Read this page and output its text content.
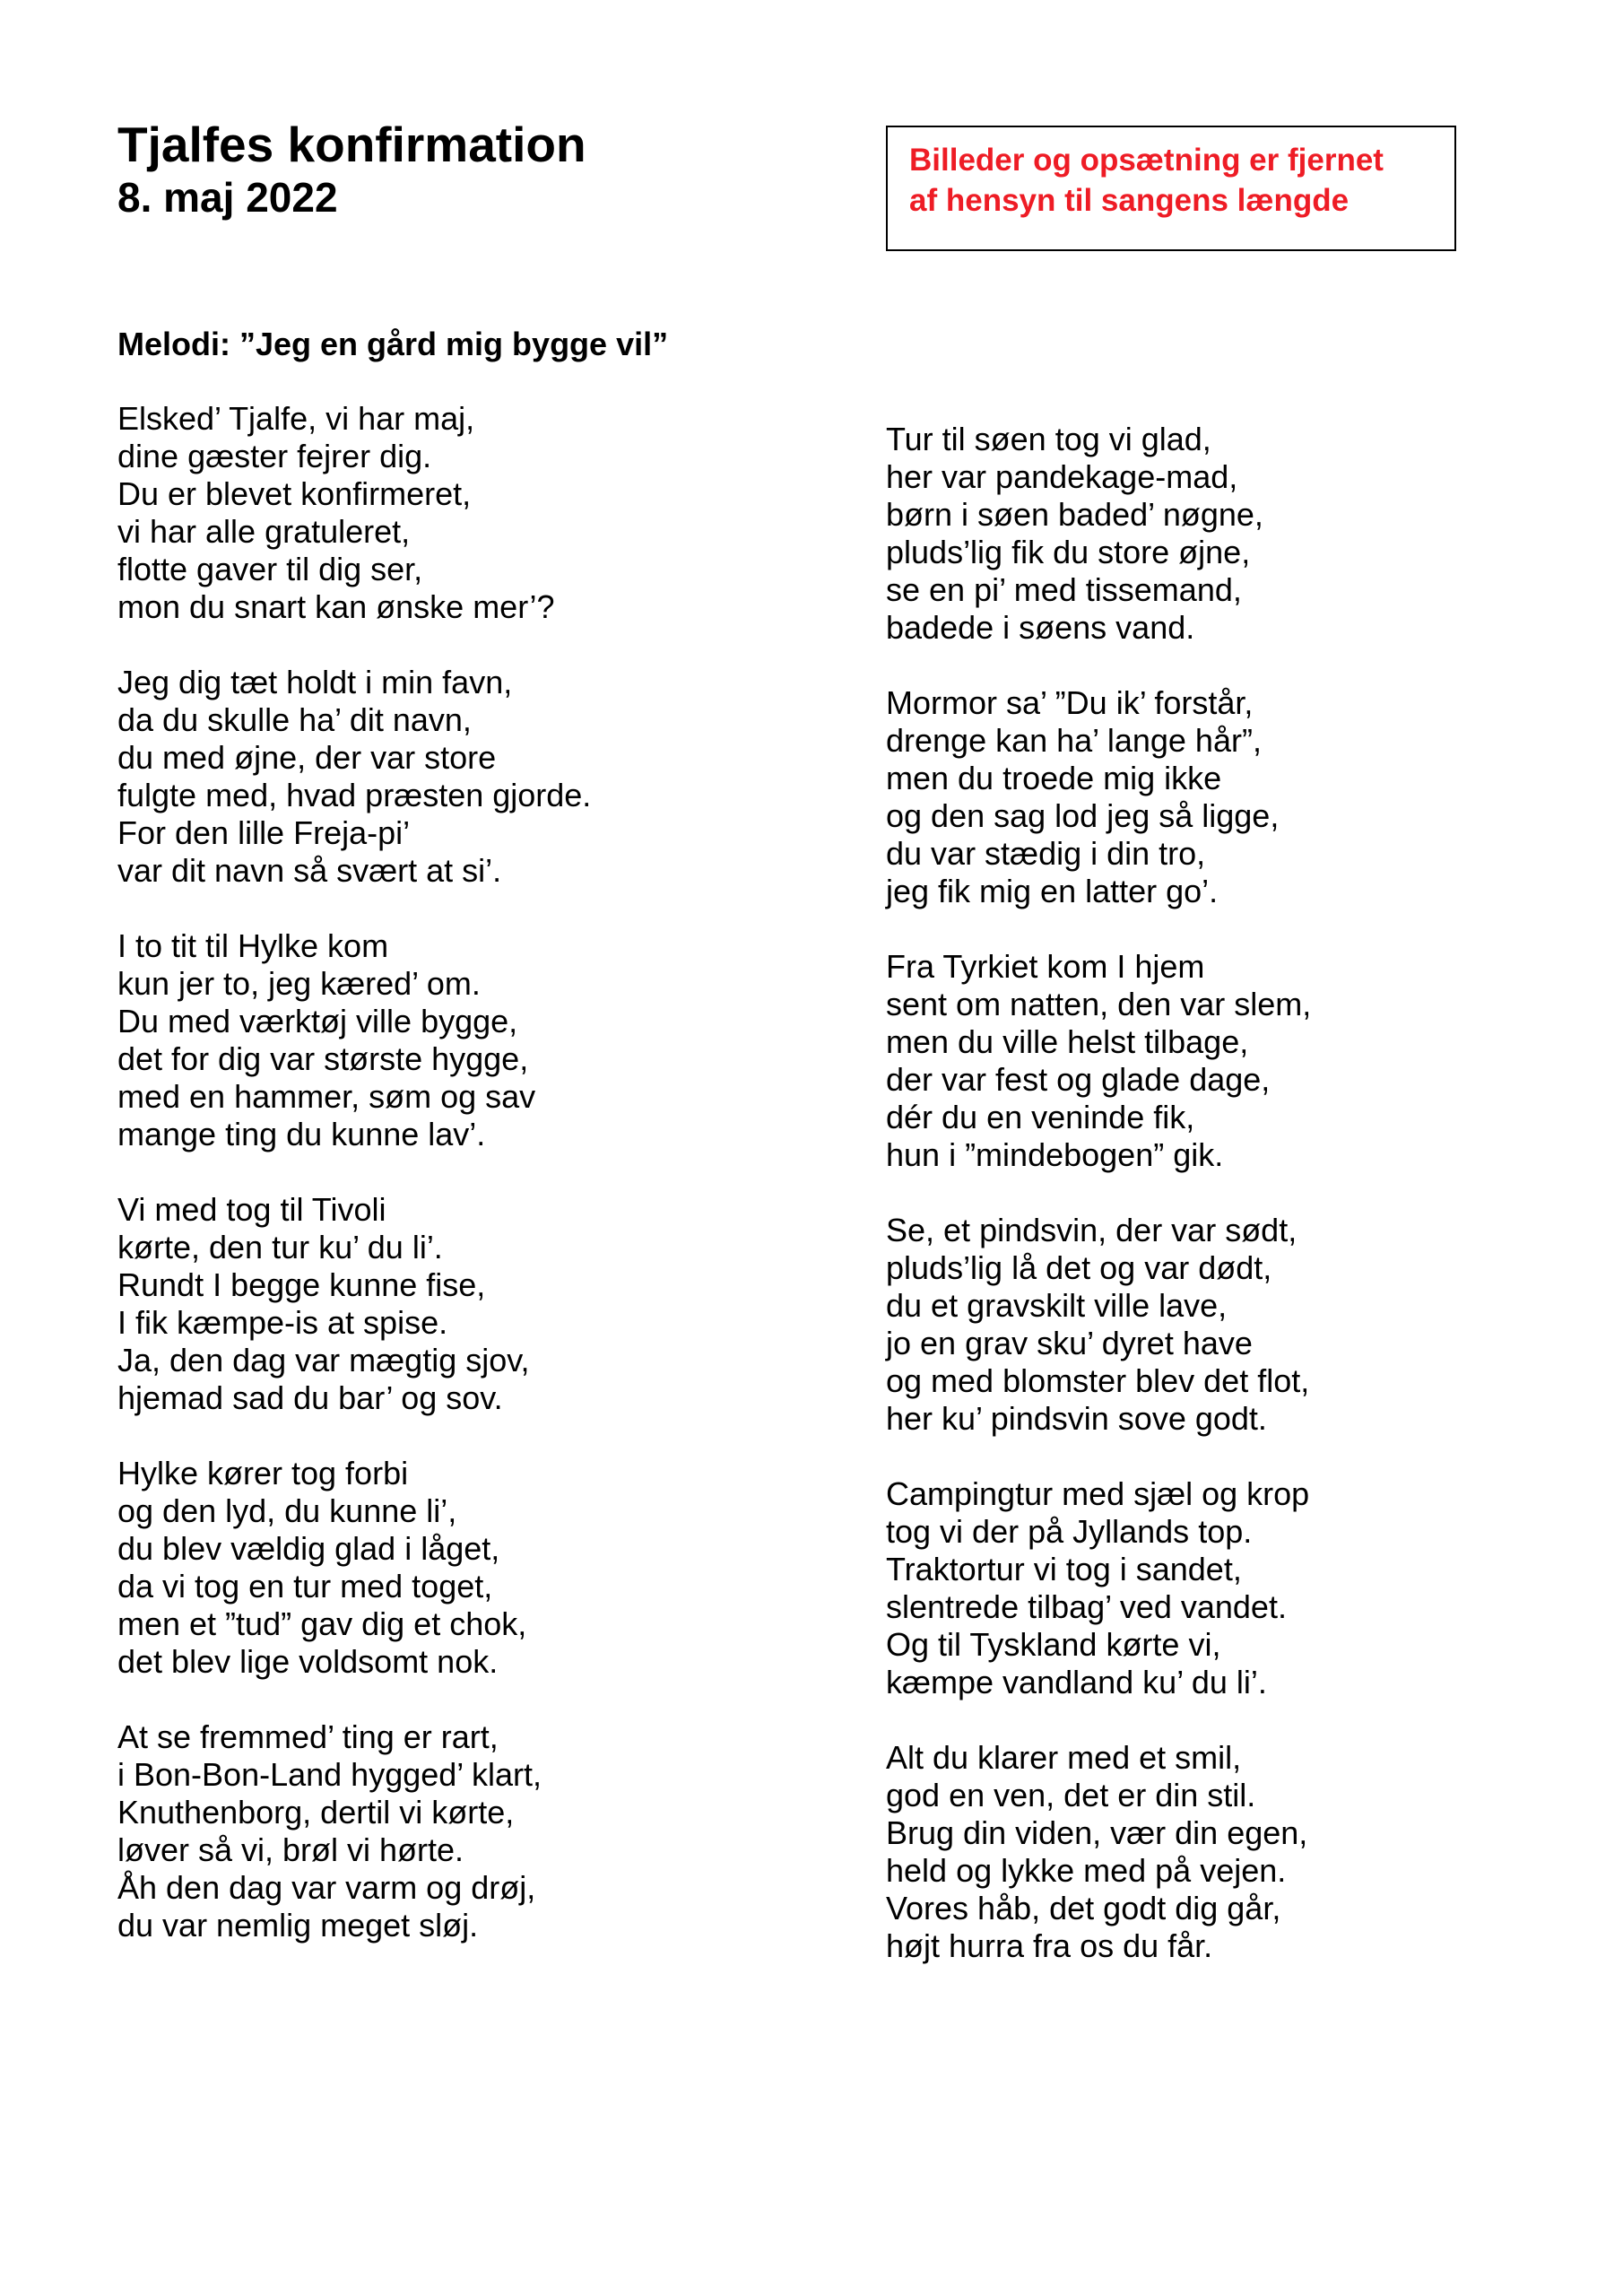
Tjalfes konfirmation
8. maj 2022
Billeder og opsætning er fjernet
af hensyn til sangens længde

Melodi: ”Jeg en gård mig bygge vil”

Elsked’ Tjalfe, vi har maj,
dine gæster fejrer dig.
Du er blevet konfirmeret,
vi har alle gratuleret,
flotte gaver til dig ser,
mon du snart kan ønske mer’?
Jeg dig tæt holdt i min favn,
da du skulle ha’ dit navn,
du med øjne, der var store
fulgte med, hvad præsten gjorde.
For den lille Freja-pi’
var dit navn så svært at si’.
I to tit til Hylke kom
kun jer to, jeg kæred’ om.
Du med værktøj ville bygge,
det for dig var største hygge,
med en hammer, søm og sav
mange ting du kunne lav’.
Vi med tog til Tivoli
kørte, den tur ku’ du li’.
Rundt I begge kunne fise,
I fik kæmpe-is at spise.
Ja, den dag var mægtig sjov,
hjemad sad du bar’ og sov.
Hylke kører tog forbi
og den lyd, du kunne li’,
du blev vældig glad i låget,
da vi tog en tur med toget,
men et ”tud” gav dig et chok,
det blev lige voldsomt nok.
At se fremmed’ ting er rart,
i Bon-Bon-Land hygged’ klart,
Knuthenborg, dertil vi kørte,
løver så vi, brøl vi hørte.
Åh den dag var varm og drøj,
du var nemlig meget sløj.
Tur til søen tog vi glad,
her var pandekage-mad,
børn i søen baded’ nøgne,
pluds’lig fik du store øjne,
se en pi’ med tissemand,
badede i søens vand.
Mormor sa’ ”Du ik’ forstår,
drenge kan ha’ lange hår”,
men du troede mig ikke
og den sag lod jeg så ligge,
du var stædig i din tro,
jeg fik mig en latter go’.
Fra Tyrkiet kom I hjem
sent om natten, den var slem,
men du ville helst tilbage,
der var fest og glade dage,
dér du en veninde fik,
hun i ”mindebogen” gik.
Se, et pindsvin, der var sødt,
pluds’lig lå det og var dødt,
du et gravskilt ville lave,
jo en grav sku’ dyret have
og med blomster blev det flot,
her ku’ pindsvin sove godt.
Campingtur med sjæl og krop
tog vi der på Jyllands top.
Traktortur vi tog i sandet,
slentrede tilbag’ ved vandet.
Og til Tyskland kørte vi,
kæmpe vandland ku’ du li’.
Alt du klarer med et smil,
god en ven, det er din stil.
Brug din viden, vær din egen,
held og lykke med på vejen.
Vores håb, det godt dig går,
højt hurra fra os du får.
